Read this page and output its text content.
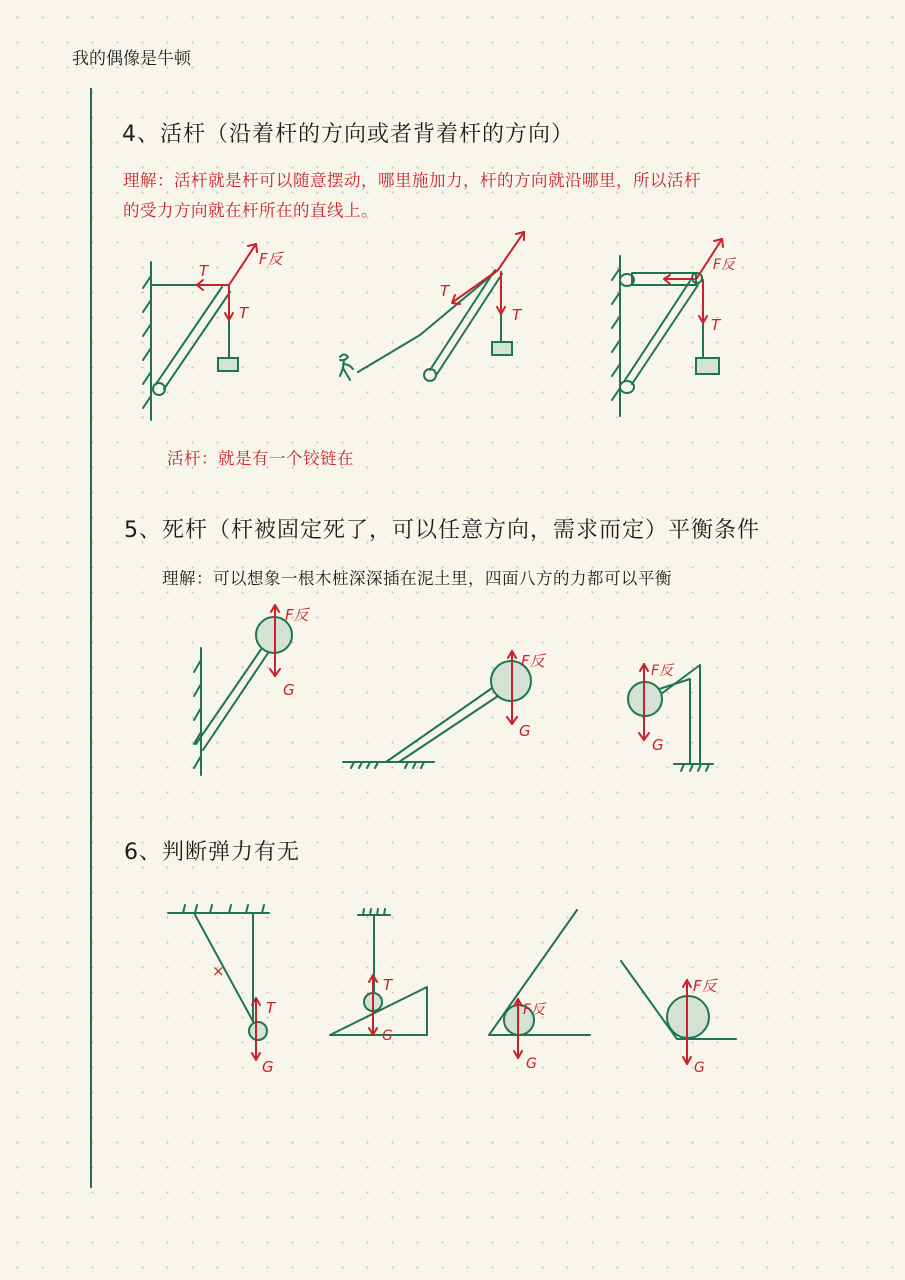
我的偶像是牛顿
4、活杆（沿着杆的方向或者背着杆的方向）
理解：活杆就是杆可以随意摆动，哪里施加力，杆的方向就沿哪里，所以活杆
的受力方向就在杆所在的直线上。
活杆：就是有一个铰链在
5、死杆（杆被固定死了，可以任意方向，需求而定）平衡条件
理解：可以想象一根木桩深深插在泥土里，四面八方的力都可以平衡
6、判断弹力有无
T
T
F反
T
T
F反
T
F反
G
F反
G
F反
G
×
T
G
T
G
F反
G
F反
G
